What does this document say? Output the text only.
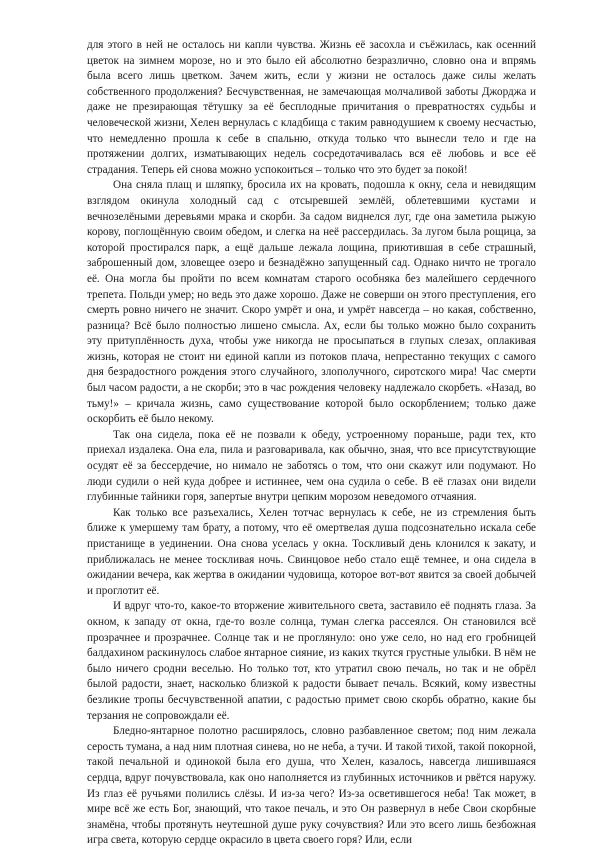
для этого в ней не осталось ни капли чувства. Жизнь её засохла и съёжилась, как осенний цветок на зимнем морозе, но и это было ей абсолютно безразлично, словно она и впрямь была всего лишь цветком. Зачем жить, если у жизни не осталось даже силы желать собственного продолжения? Бесчувственная, не замечающая молчаливой заботы Джорджа и даже не презирающая тётушку за её бесплодные причитания о превратностях судьбы и человеческой жизни, Хелен вернулась с кладбища с таким равнодушием к своему несчастью, что немедленно прошла к себе в спальню, откуда только что вынесли тело и где на протяжении долгих, изматывающих недель сосредотачивалась вся её любовь и все её страдания. Теперь ей снова можно успокоиться – только что это будет за покой!

Она сняла плащ и шляпку, бросила их на кровать, подошла к окну, села и невидящим взглядом окинула холодный сад с отсыревшей землёй, облетевшими кустами и вечнозелёными деревьями мрака и скорби. За садом виднелся луг, где она заметила рыжую корову, поглощённую своим обедом, и слегка на неё рассердилась. За лугом была рощица, за которой простирался парк, а ещё дальше лежала лощина, приютившая в себе страшный, заброшенный дом, зловещее озеро и безнадёжно запущенный сад. Однако ничто не трогало её. Она могла бы пройти по всем комнатам старого особняка без малейшего сердечного трепета. Польди умер; но ведь это даже хорошо. Даже не соверши он этого преступления, его смерть ровно ничего не значит. Скоро умрёт и она, и умрёт навсегда – но какая, собственно, разница? Всё было полностью лишено смысла. Ах, если бы только можно было сохранить эту притуплённость духа, чтобы уже никогда не просыпаться в глупых слезах, оплакивая жизнь, которая не стоит ни единой капли из потоков плача, непрестанно текущих с самого дня безрадостного рождения этого случайного, злополучного, сиротского мира! Час смерти был часом радости, а не скорби; это в час рождения человеку надлежало скорбеть. «Назад, во тьму!» – кричала жизнь, само существование которой было оскорблением; только даже оскорбить её было некому.

Так она сидела, пока её не позвали к обеду, устроенному пораньше, ради тех, кто приехал издалека. Она ела, пила и разговаривала, как обычно, зная, что все присутствующие осудят её за бессердечие, но нимало не заботясь о том, что они скажут или подумают. Но люди судили о ней куда добрее и истиннее, чем она судила о себе. В её глазах они видели глубинные тайники горя, запертые внутри цепким морозом неведомого отчаяния.

Как только все разъехались, Хелен тотчас вернулась к себе, не из стремления быть ближе к умершему там брату, а потому, что её омертвелая душа подсознательно искала себе пристанище в уединении. Она снова уселась у окна. Тоскливый день клонился к закату, и приближалась не менее тоскливая ночь. Свинцовое небо стало ещё темнее, и она сидела в ожидании вечера, как жертва в ожидании чудовища, которое вот-вот явится за своей добычей и проглотит её.

И вдруг что-то, какое-то вторжение живительного света, заставило её поднять глаза. За окном, к западу от окна, где-то возле солнца, туман слегка рассеялся. Он становился всё прозрачнее и прозрачнее. Солнце так и не проглянуло: оно уже село, но над его гробницей балдахином раскинулось слабое янтарное сияние, из каких ткутся грустные улыбки. В нём не было ничего сродни веселью. Но только тот, кто утратил свою печаль, но так и не обрёл былой радости, знает, насколько близкой к радости бывает печаль. Всякий, кому известны безликие тропы бесчувственной апатии, с радостью примет свою скорбь обратно, какие бы терзания не сопровождали её.

Бледно-янтарное полотно расширялось, словно разбавленное светом; под ним лежала серость тумана, а над ним плотная синева, но не неба, а тучи. И такой тихой, такой покорной, такой печальной и одинокой была его душа, что Хелен, казалось, навсегда лишившаяся сердца, вдруг почувствовала, как оно наполняется из глубинных источников и рвётся наружу. Из глаз её ручьями полились слёзы. И из-за чего? Из-за осветившегося неба! Так может, в мире всё же есть Бог, знающий, что такое печаль, и это Он развернул в небе Свои скорбные знамёна, чтобы протянуть неутешной душе руку сочувствия? Или это всего лишь безбожная игра света, которую сердце окрасило в цвета своего горя? Или, если
